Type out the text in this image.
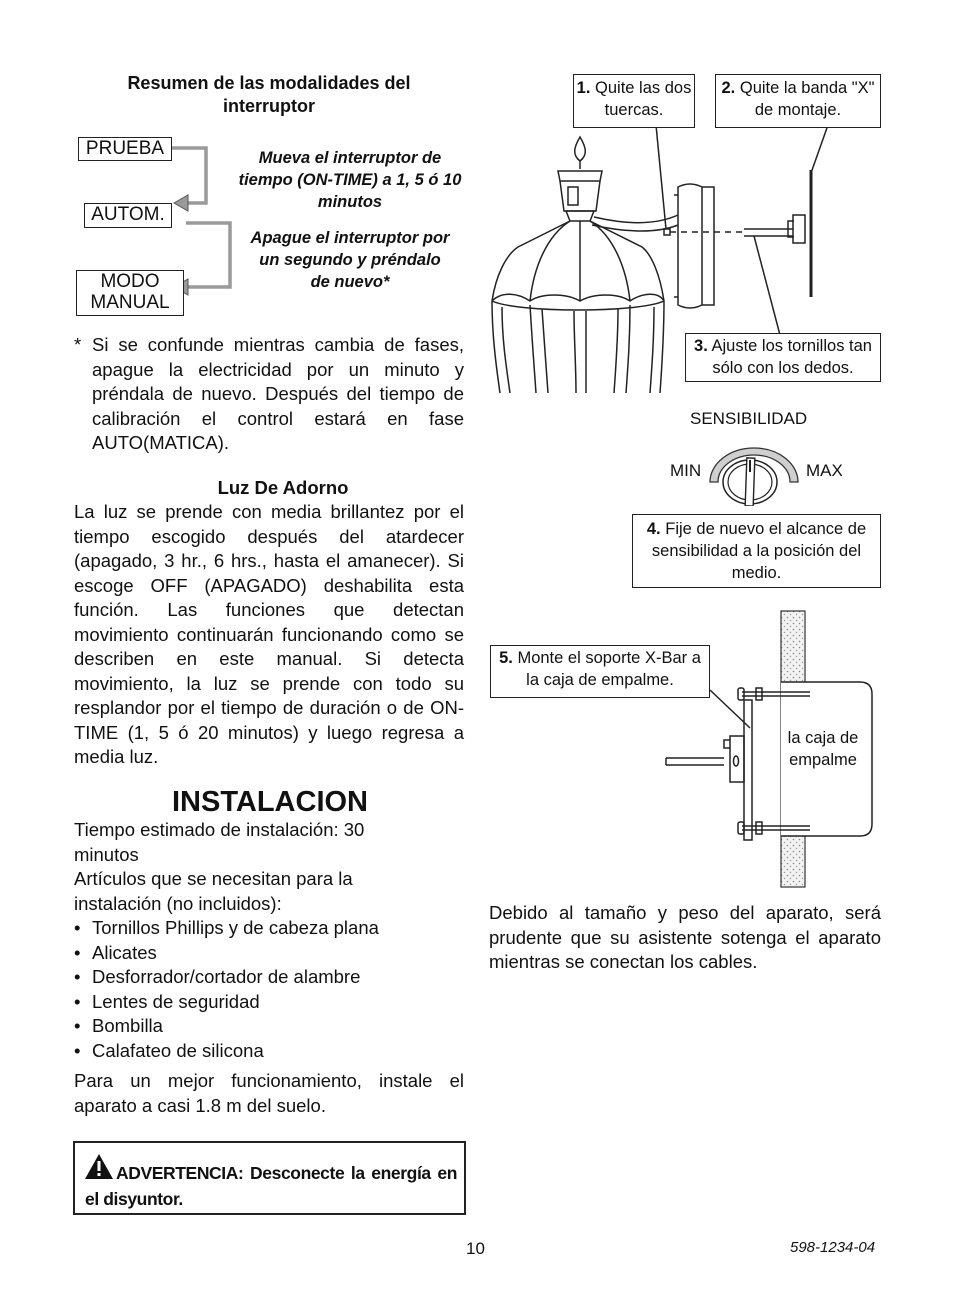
Resumen de las modalidades del
interruptor
PRUEBA
AUTOM.
MODO
MANUAL
Mueva el interruptor de tiempo (ON-TIME) a 1, 5 ó 10 minutos
Apague el interruptor por un segundo y préndalo de nuevo*
* Si se confunde mientras cambia de fases, apague la electricidad por un minuto y préndala de nuevo. Después del tiempo de calibración el control estará en fase AUTO(MATICA).
Luz De Adorno
La luz se prende con media brillantez por el tiempo escogido después del atardecer (apagado, 3 hr., 6 hrs., hasta el amanecer). Si escoge OFF (APAGADO) deshabilita esta función. Las funciones que detectan movimiento continuarán funcionando como se describen en este manual. Si detecta movimiento, la luz se prende con todo su resplandor por el tiempo de duración o de ON-TIME (1, 5 ó 20 minutos) y luego regresa a media luz.
INSTALACION
Tiempo estimado de instalación: 30 minutos
Artículos que se necesitan para la instalación (no incluidos):
• Tornillos Phillips y de cabeza plana
• Alicates
• Desforrador/cortador de alambre
• Lentes de seguridad
• Bombilla
• Calafateo de silicona
Para un mejor funcionamiento, instale el aparato a casi 1.8 m del suelo.
ADVERTENCIA: Desconecte la energía en el disyuntor.
1. Quite las dos tuercas.
2. Quite la banda "X" de montaje.
3. Ajuste los tornillos tan sólo con los dedos.
SENSIBILIDAD
MIN	MAX
4. Fije de nuevo el alcance de sensibilidad a la posición del medio.
la caja de
empalme
5. Monte el soporte X-Bar a la caja de empalme.
Debido al tamaño y peso del aparato, será prudente que su asistente sotenga el aparato mientras se conectan los cables.
10	598-1234-04
